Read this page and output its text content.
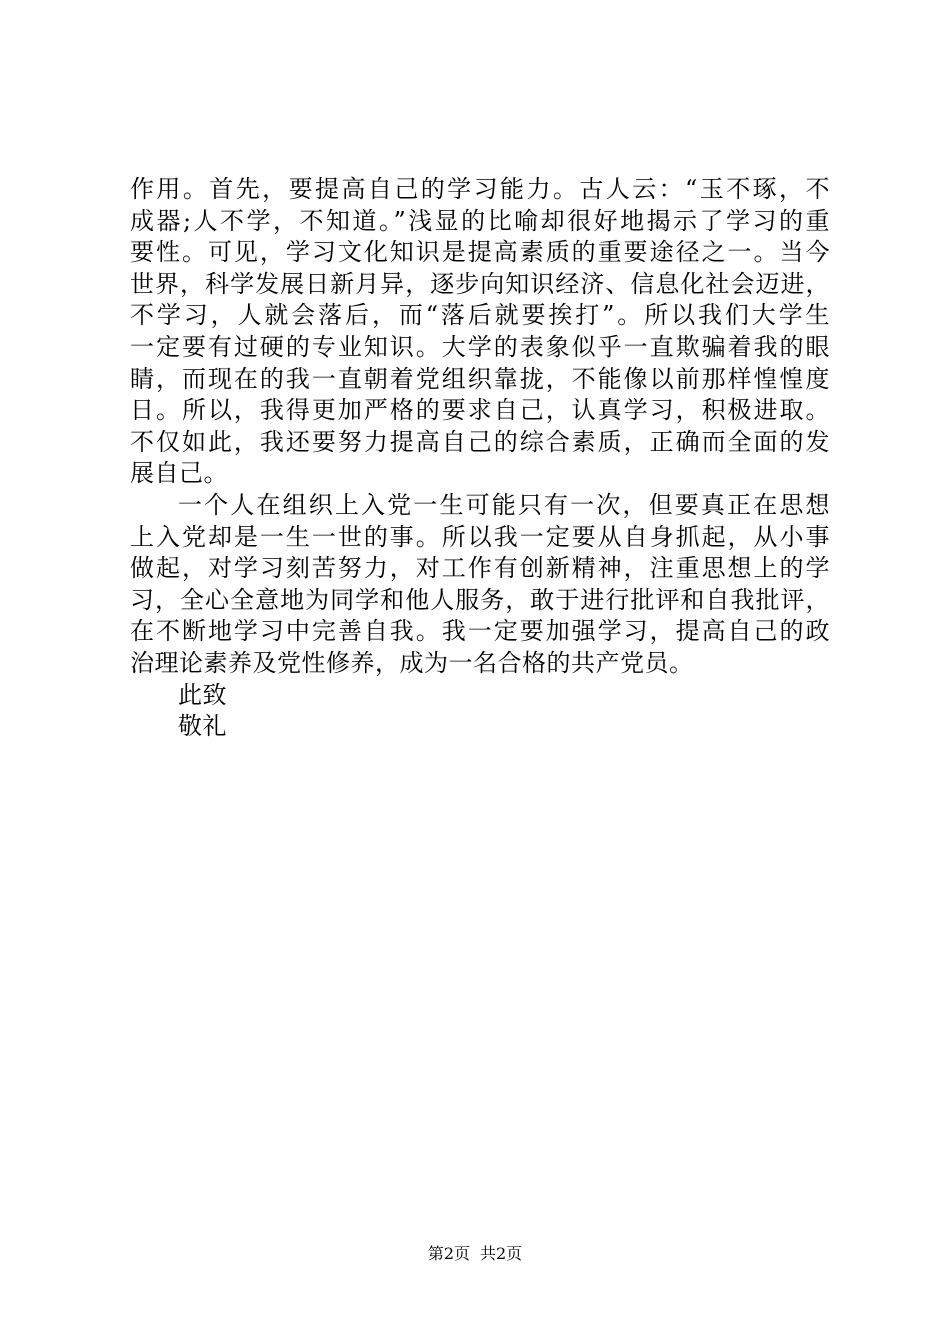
作用。首先，要提高自己的学习能力。古人云：“玉不琢，不
成器;人不学，不知道。”浅显的比喻却很好地揭示了学习的重
要性。可见，学习文化知识是提高素质的重要途径之一。当今
世界，科学发展日新月异，逐步向知识经济、信息化社会迈进，
不学习，人就会落后，而“落后就要挨打”。所以我们大学生
一定要有过硬的专业知识。大学的表象似乎一直欺骗着我的眼
睛，而现在的我一直朝着党组织靠拢，不能像以前那样惶惶度
日。所以，我得更加严格的要求自己，认真学习，积极进取。
不仅如此，我还要努力提高自己的综合素质，正确而全面的发
展自己。
一个人在组织上入党一生可能只有一次，但要真正在思想
上入党却是一生一世的事。所以我一定要从自身抓起，从小事
做起，对学习刻苦努力，对工作有创新精神，注重思想上的学
习，全心全意地为同学和他人服务，敢于进行批评和自我批评，
在不断地学习中完善自我。我一定要加强学习，提高自己的政
治理论素养及党性修养，成为一名合格的共产党员。
此致
敬礼
第2页 共2页
